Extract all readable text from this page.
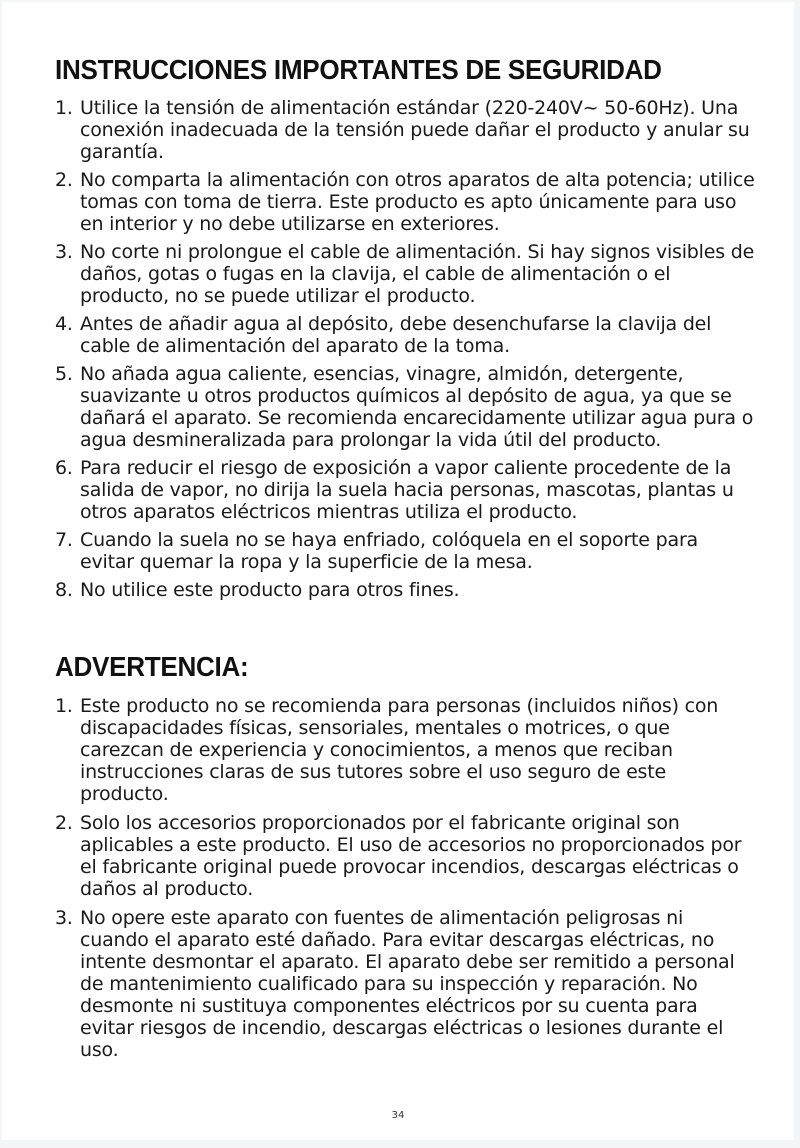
INSTRUCCIONES IMPORTANTES DE SEGURIDAD
1. Utilice la tensión de alimentación estándar (220-240V~ 50-60Hz). Una conexión inadecuada de la tensión puede dañar el producto y anular su garantía.
2. No comparta la alimentación con otros aparatos de alta potencia; utilice tomas con toma de tierra. Este producto es apto únicamente para uso en interior y no debe utilizarse en exteriores.
3. No corte ni prolongue el cable de alimentación. Si hay signos visibles de daños, gotas o fugas en la clavija, el cable de alimentación o el producto, no se puede utilizar el producto.
4. Antes de añadir agua al depósito, debe desenchufarse la clavija del cable de alimentación del aparato de la toma.
5. No añada agua caliente, esencias, vinagre, almidón, detergente, suavizante u otros productos químicos al depósito de agua, ya que se dañará el aparato. Se recomienda encarecidamente utilizar agua pura o agua desmineralizada para prolongar la vida útil del producto.
6. Para reducir el riesgo de exposición a vapor caliente procedente de la salida de vapor, no dirija la suela hacia personas, mascotas, plantas u otros aparatos eléctricos mientras utiliza el producto.
7. Cuando la suela no se haya enfriado, colóquela en el soporte para evitar quemar la ropa y la superficie de la mesa.
8. No utilice este producto para otros fines.
ADVERTENCIA:
1. Este producto no se recomienda para personas (incluidos niños) con discapacidades físicas, sensoriales, mentales o motrices, o que carezcan de experiencia y conocimientos, a menos que reciban instrucciones claras de sus tutores sobre el uso seguro de este producto.
2. Solo los accesorios proporcionados por el fabricante original son aplicables a este producto. El uso de accesorios no proporcionados por el fabricante original puede provocar incendios, descargas eléctricas o daños al producto.
3. No opere este aparato con fuentes de alimentación peligrosas ni cuando el aparato esté dañado. Para evitar descargas eléctricas, no intente desmontar el aparato. El aparato debe ser remitido a personal de mantenimiento cualificado para su inspección y reparación. No desmonte ni sustituya componentes eléctricos por su cuenta para evitar riesgos de incendio, descargas eléctricas o lesiones durante el uso.
34
